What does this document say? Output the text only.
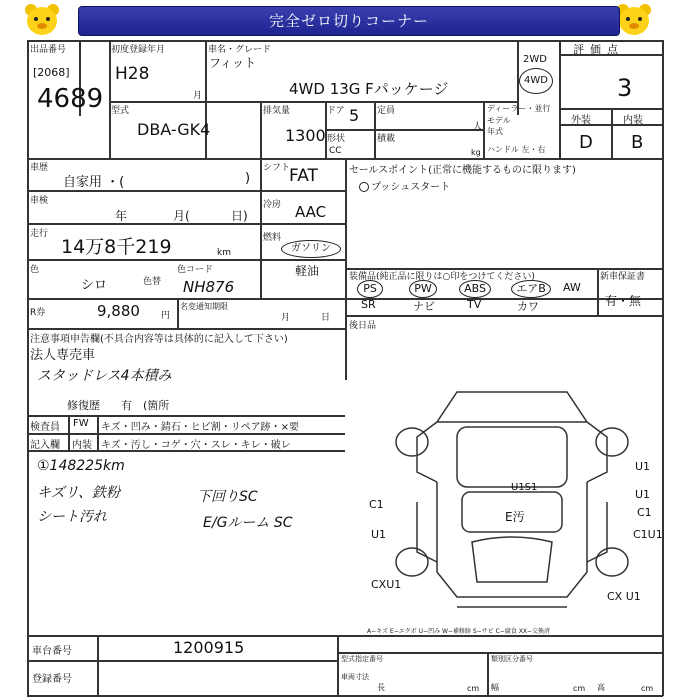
完全ゼロ切りコーナー
出品番号
[2068]
4689
初度登録年月
H28
月
車名・グレード
フィット
4WD 13G Fパッケージ
2WD
4WD
評価点
3
外装	内装
D B
型式
DBA-GK4
排気量
1300
CC
ドア 5
形状
定員
人
積載
kg
ディーラー・並行
モデル
年式
ハンドル 左・右
車歴
自家用 ・(	)
車検
年	月(	日)
走行
14万8千219	km
色
シロ	色替
色コード
NH876
シフト
FAT
冷房 AAC
燃料
ガソリン
軽油
セールスポイント(正常に機能するものに限ります)
プッシュスタート
装備品(純正品に限りは○印をつけてください)	新車保証書
有・無
PS	PW	ABS	エアB	AW
SR	ナビ	TV	カワ
後日品
R券	9,880 円
名変通知期限
月	日
注意事項申告欄(不具合内容等は具体的に記入して下さい)
法人専売車
スタッドレス4本積み
修復歴 有 (箇所
検査員
記入欄
FW キズ・凹み・錆石・ヒビ割・リペア跡・×要
内装 キズ・汚し・コゲ・穴・スレ・キレ・破レ
①148225km
キズリ、鉄粉
シート汚れ
下回りSC
E/Gルーム SC
U1
U1
C1
C1U1
C1
U1
CXU1
CX U1
U1S1
E汚
A−キズ E−エクボ U−凹み W−補修跡 S−サビ C−腐食 XX−交換済
車台番号	1200915
登録番号
型式指定番号	類別区分番号
車両寸法
長	cm 幅	cm 高	cm
